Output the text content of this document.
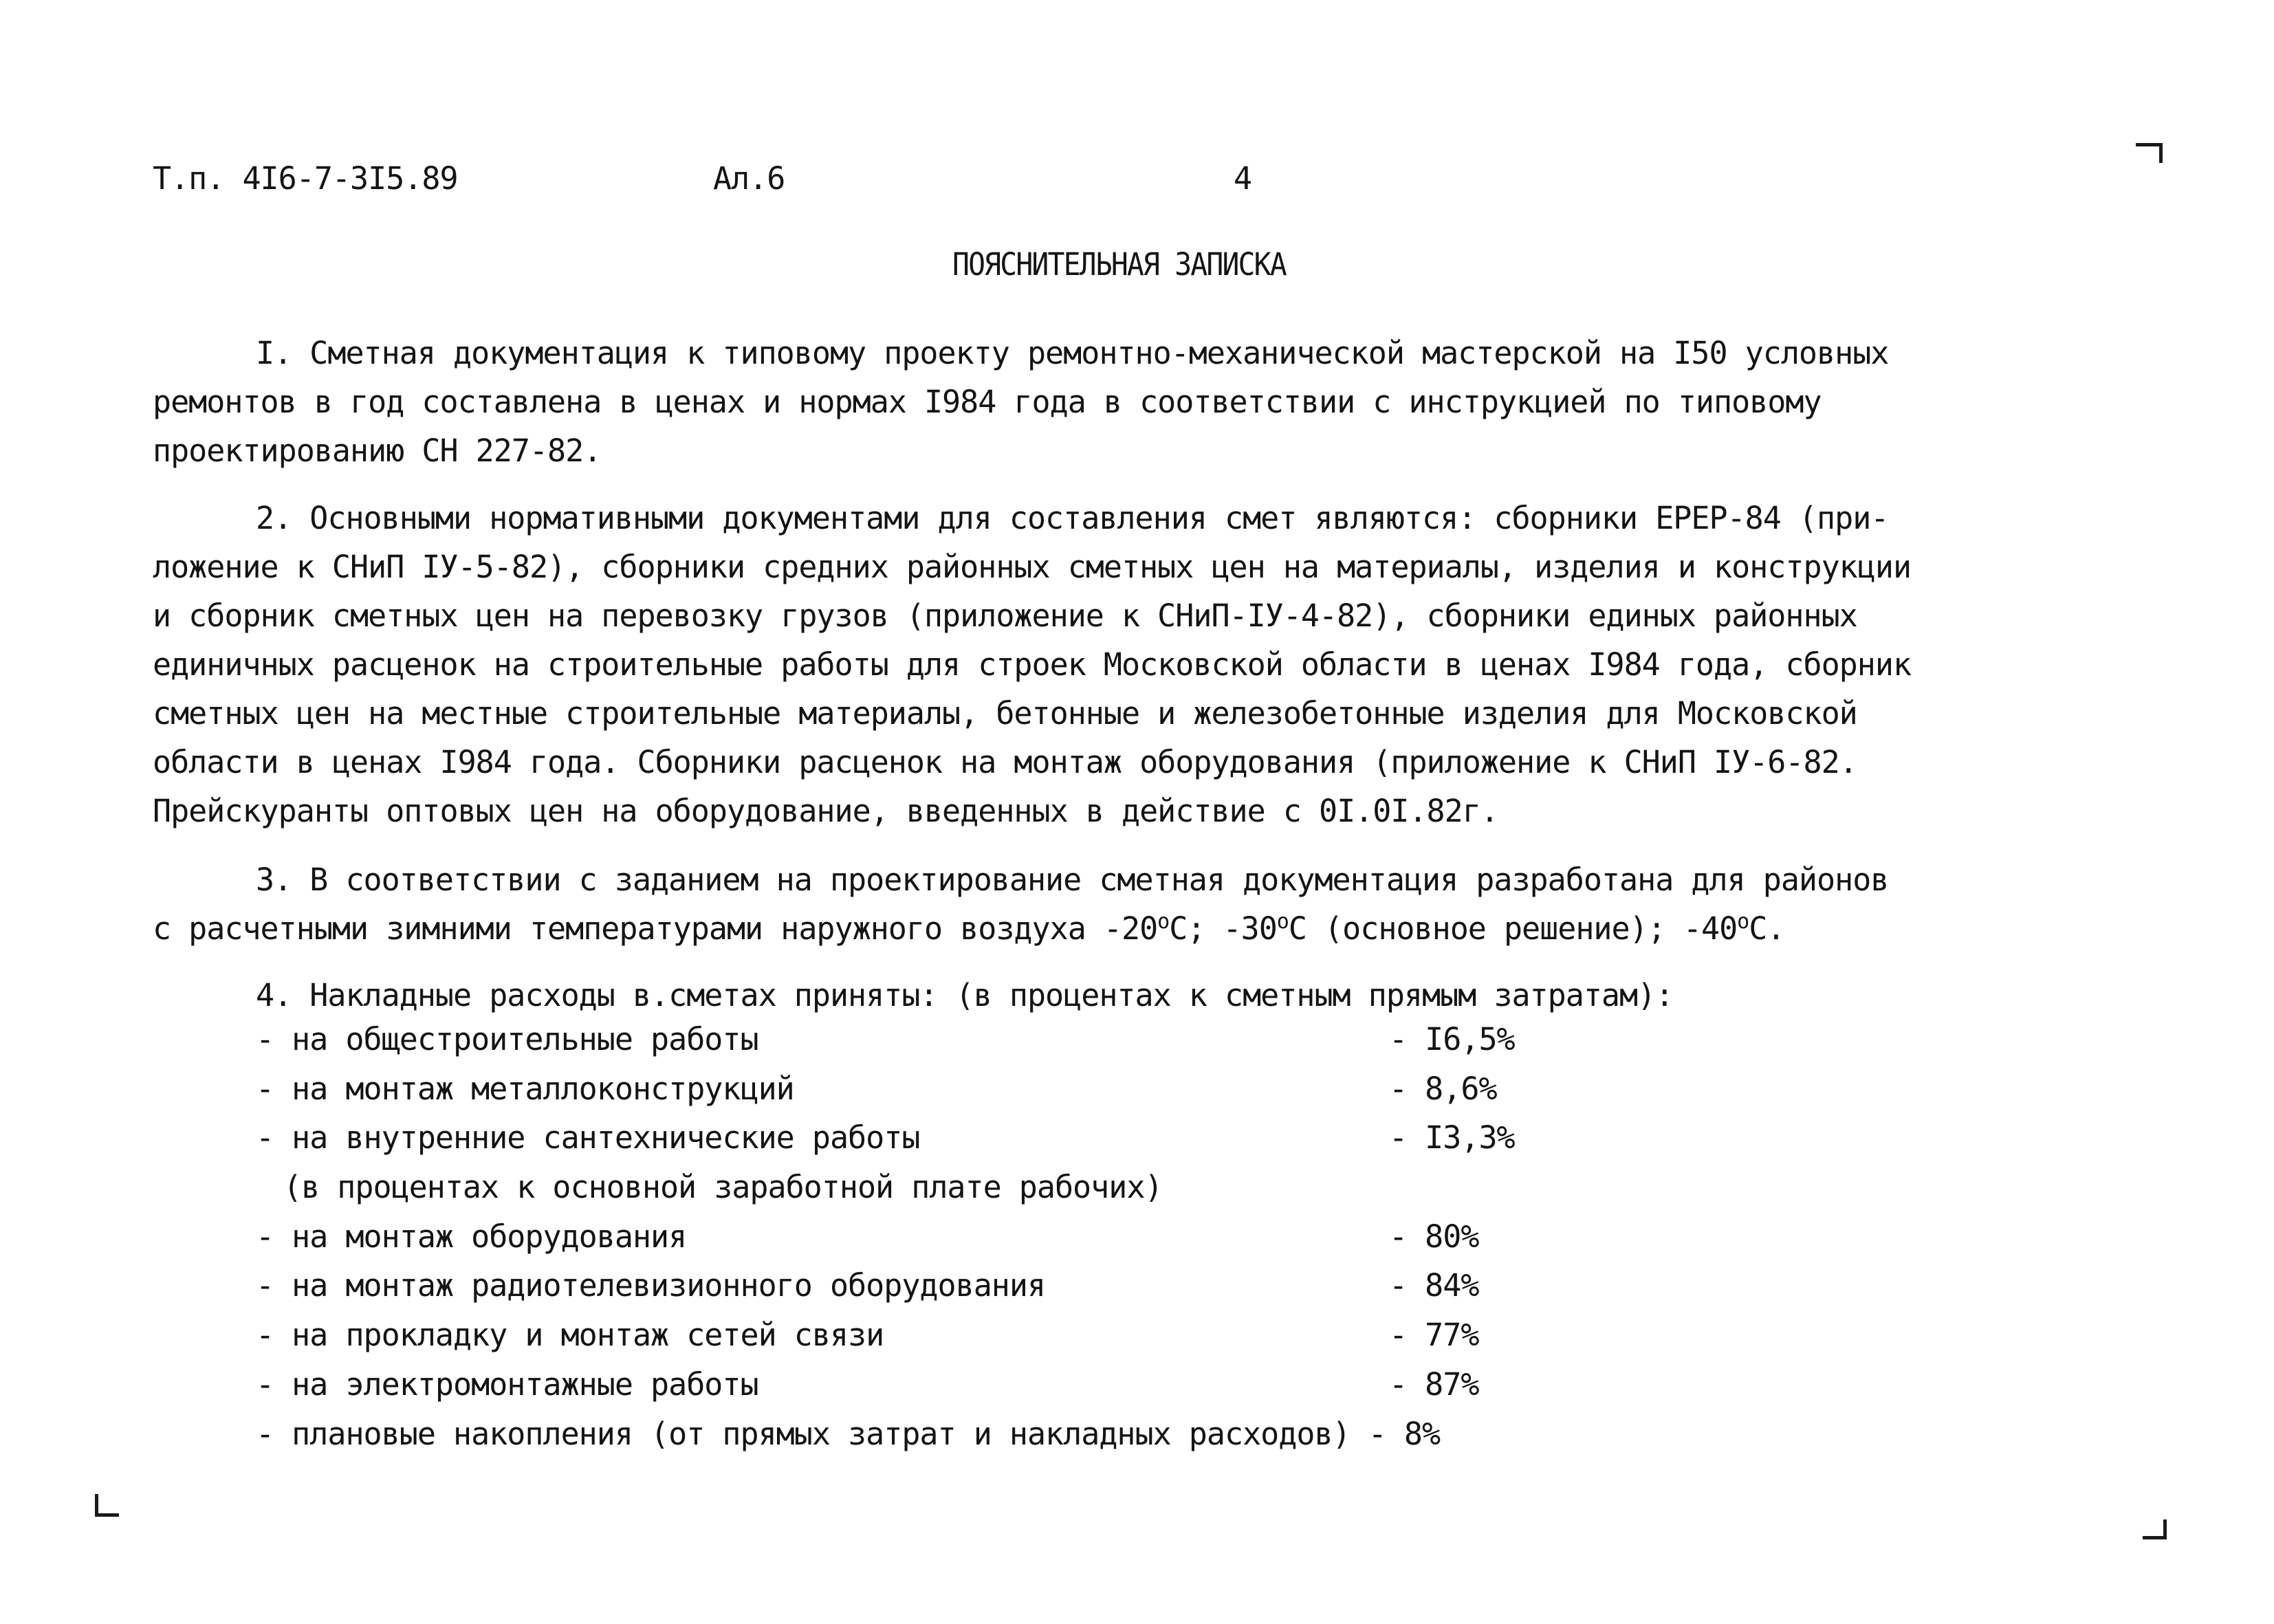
Т.п. 4I6-7-3I5.89	Ал.6	4
ПОЯСНИТЕЛЬНАЯ ЗАПИСКА
I. Сметная документация к типовому проекту ремонтно-механической мастерской на I50 условных
ремонтов в год составлена в ценах и нормах I984 года в соответствии с инструкцией по типовому
проектированию СН 227-82.
2. Основными нормативными документами для составления смет являются: сборники ЕРЕР-84 (при-
ложение к СНиП IУ-5-82), сборники средних районных сметных цен на материалы, изделия и конструкции
и сборник сметных цен на перевозку грузов (приложение к СНиП-IУ-4-82), сборники единых районных
единичных расценок на строительные работы для строек Московской области в ценах I984 года, сборник
сметных цен на местные строительные материалы, бетонные и железобетонные изделия для Московской
области в ценах I984 года. Сборники расценок на монтаж оборудования (приложение к СНиП IУ-6-82.
Прейскуранты оптовых цен на оборудование, введенных в действие с 0I.0I.82г.
3. В соответствии с заданием на проектирование сметная документация разработана для районов
с расчетными зимними температурами наружного воздуха $-20^оС$; $-30^оС$ (основное решение); $-40^оС$.
4. Накладные расходы в.сметах приняты: (в процентах к сметным прямым затратам):
- на общестроительные работы	- I6,5%
- на монтаж металлоконструкций	- 8,6%
- на внутренние сантехнические работы	- I3,3%
(в процентах к основной заработной плате рабочих)
- на монтаж оборудования	- 80%
- на монтаж радиотелевизионного оборудования	- 84%
- на прокладку и монтаж сетей связи	- 77%
- на электромонтажные работы	- 87%
- плановые накопления (от прямых затрат и накладных расходов) - 8%
